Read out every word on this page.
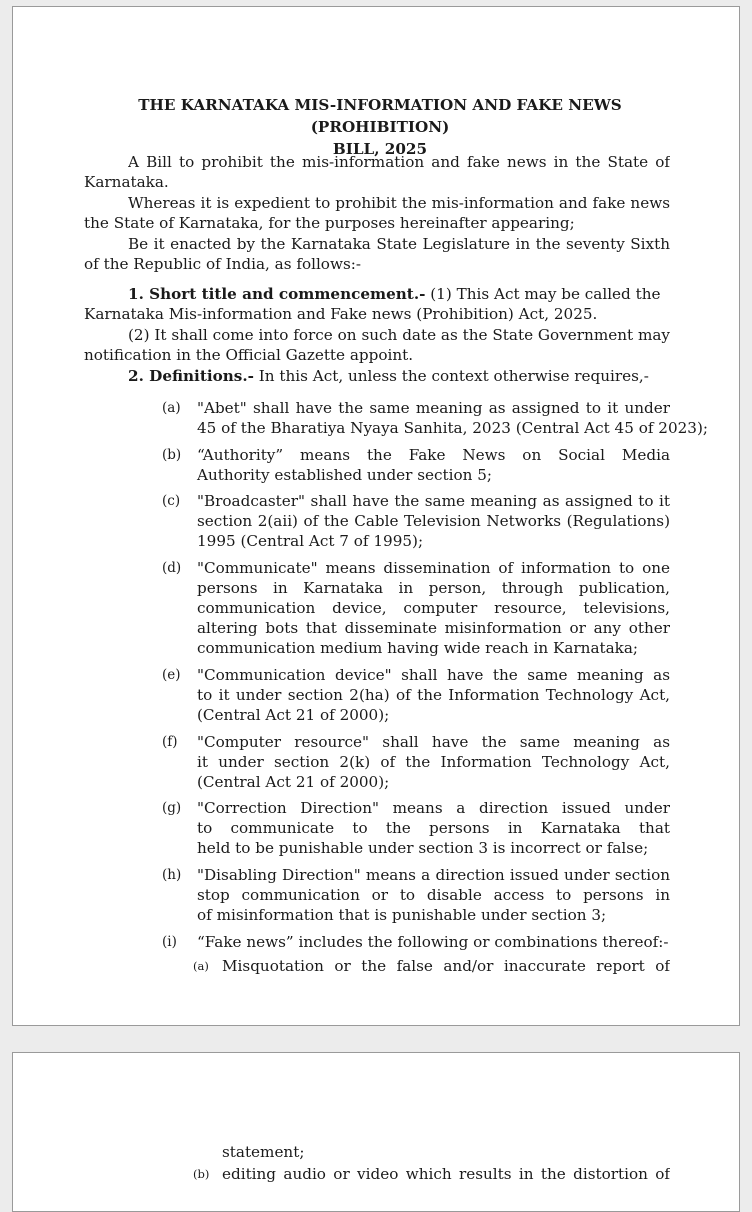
THE KARNATAKA MIS-INFORMATION AND FAKE NEWS (PROHIBITION)
BILL, 2025
A Bill to prohibit the mis-information and fake news in the State of
Karnataka.
Whereas it is expedient to prohibit the mis-information and fake news
the State of Karnataka, for the purposes hereinafter appearing;
Be it enacted by the Karnataka State Legislature in the seventy Sixth
of the Republic of India, as follows:-
1. Short title and commencement.- (1) This Act may be called the
Karnataka Mis-information and Fake news (Prohibition) Act, 2025.
(2) It shall come into force on such date as the State Government may
notification in the Official Gazette appoint.
2. Definitions.- In this Act, unless the context otherwise requires,-
(a) "Abet" shall have the same meaning as assigned to it under
45 of the Bharatiya Nyaya Sanhita, 2023 (Central Act 45 of 2023);
(b) “Authority” means the Fake News on Social Media
Authority established under section 5;
(c) "Broadcaster" shall have the same meaning as assigned to it
section 2(aii) of the Cable Television Networks (Regulations)
1995 (Central Act 7 of 1995);
(d) "Communicate" means dissemination of information to one
persons in Karnataka in person, through publication,
communication device, computer resource, televisions,
altering bots that disseminate misinformation or any other
communication medium having wide reach in Karnataka;
(e) "Communication device" shall have the same meaning as
to it under section 2(ha) of the Information Technology Act,
(Central Act 21 of 2000);
(f) "Computer resource" shall have the same meaning as
it under section 2(k) of the Information Technology Act,
(Central Act 21 of 2000);
(g) "Correction Direction" means a direction issued under
to communicate to the persons in Karnataka that
held to be punishable under section 3 is incorrect or false;
(h) "Disabling Direction" means a direction issued under section
stop communication or to disable access to persons in
of misinformation that is punishable under section 3;
(i) “Fake news” includes the following or combinations thereof:-
(a) Misquotation or the false and/or inaccurate report of
statement;
(b) editing audio or video which results in the distortion of
